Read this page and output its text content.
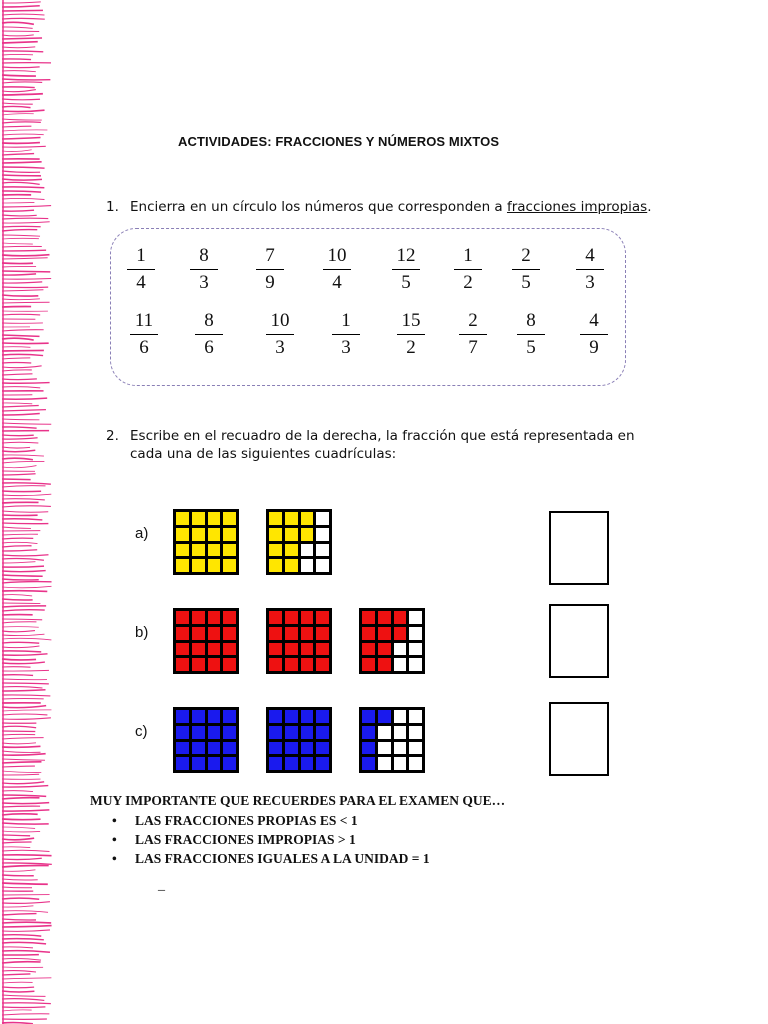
ACTIVIDADES: FRACCIONES Y NÚMEROS MIXTOS
1. Encierra en un círculo los números que corresponden a fracciones impropias.
1
4
8
3
7
9
10
4
12
5
1
2
2
5
4
3
11
6
8
6
10
3
1
3
15
2
2
7
8
5
4
9
2. Escribe en el recuadro de la derecha, la fracción que está representada en
cada una de las siguientes cuadrículas:
a)
b)
c)
MUY IMPORTANTE QUE RECUERDES PARA EL EXAMEN QUE…
• LAS FRACCIONES PROPIAS ES < 1
• LAS FRACCIONES IMPROPIAS > 1
• LAS FRACCIONES IGUALES A LA UNIDAD = 1
_
